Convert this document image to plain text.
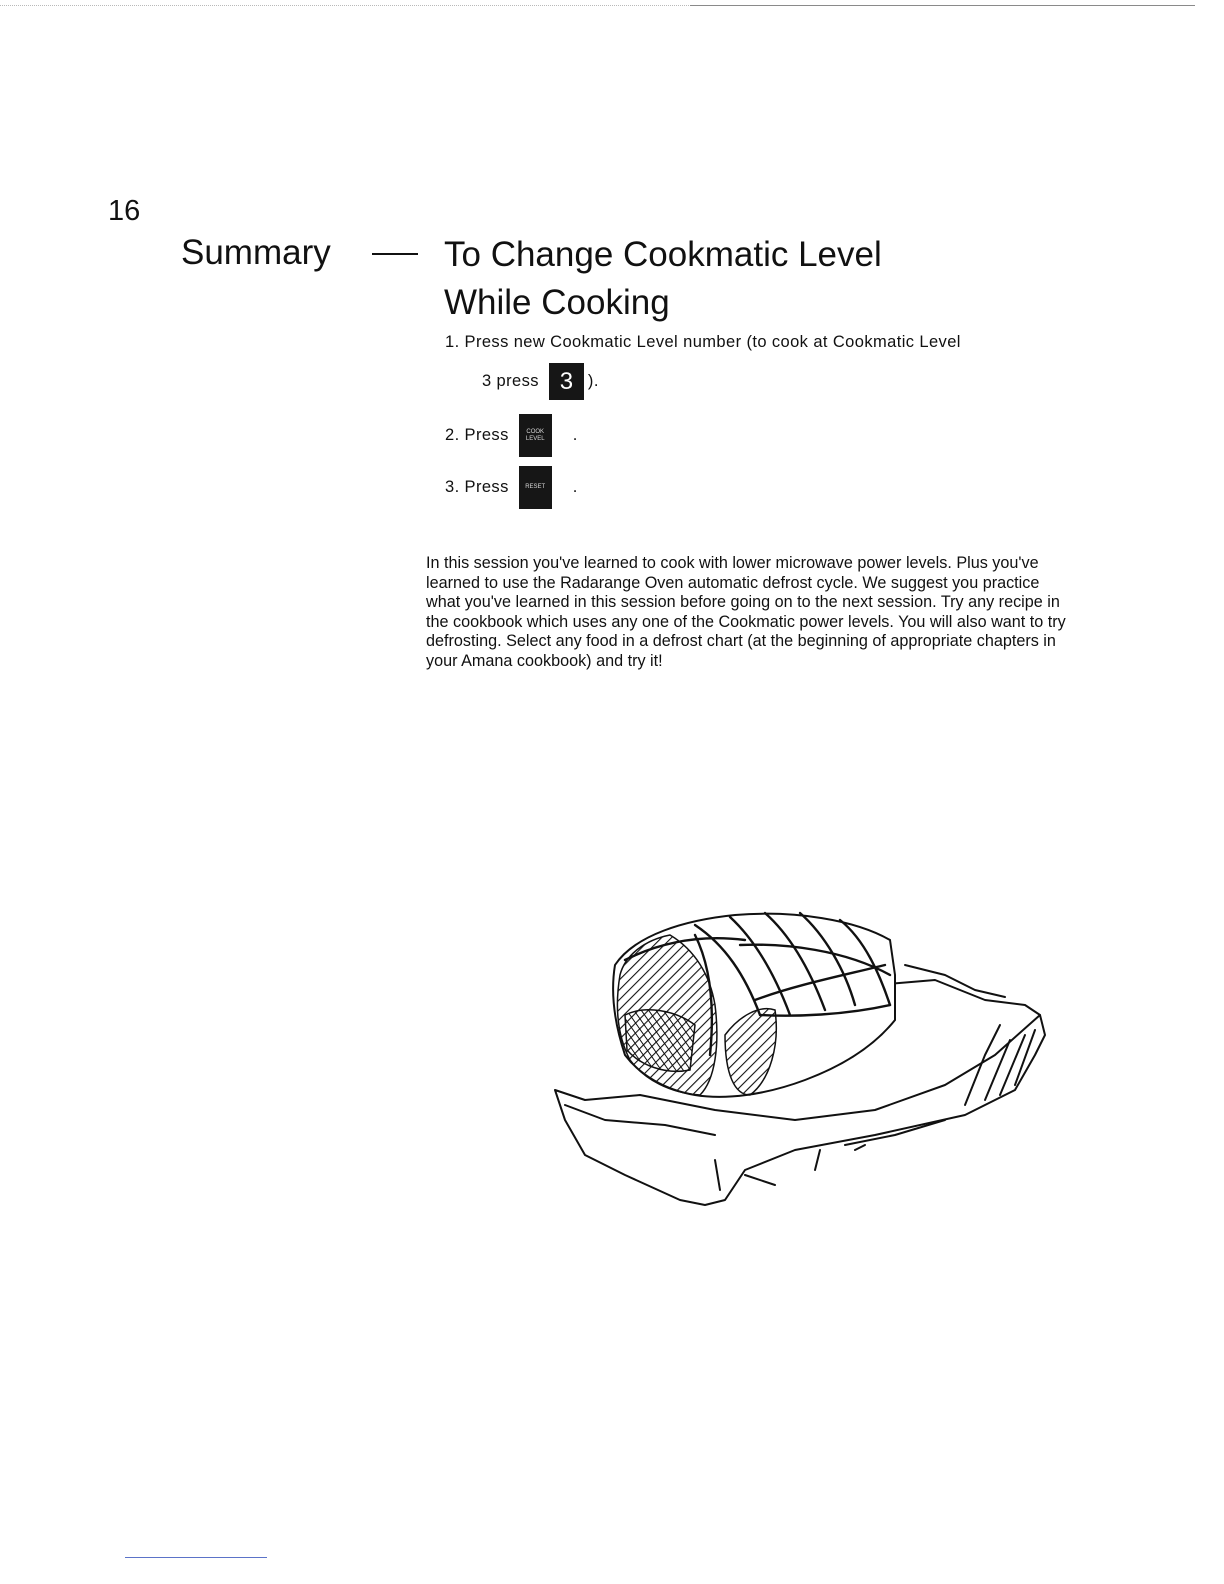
16
Summary	To Change Cookmatic Level
While Cooking
1. Press new Cookmatic Level number (to cook at Cookmatic Level
3 press 3 ).
2. Press	COOK
LEVEL	.
3. Press	RESET	.

In this session you've learned to cook with lower microwave power levels. Plus you've learned to use the Radarange Oven automatic defrost cycle. We suggest you practice what you've learned in this session before going on to the next session. Try any recipe in the cookbook which uses any one of the Cookmatic power levels. You will also want to try defrosting. Select any food in a defrost chart (at the beginning of appropriate chapters in your Amana cookbook) and try it!
